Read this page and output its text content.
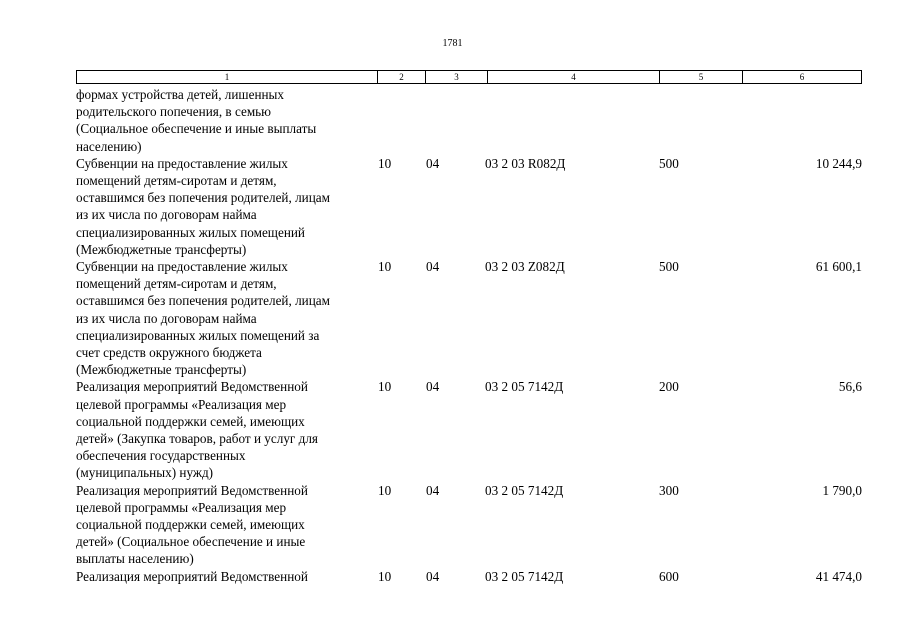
1781
1	2	3	4	5	6
формах устройства детей, лишенных
родительского попечения, в семью
(Социальное обеспечение и иные выплаты
населению)
Субвенции на предоставление жилых
помещений детям-сиротам и детям,
оставшимся без попечения родителей, лицам
из их числа по договорам найма
специализированных жилых помещений
(Межбюджетные трансферты)
10	04	03 2 03 R082Д	500	10 244,9
Субвенции на предоставление жилых
помещений детям-сиротам и детям,
оставшимся без попечения родителей, лицам
из их числа по договорам найма
специализированных жилых помещений за
счет средств окружного бюджета
(Межбюджетные трансферты)
10	04	03 2 03 Z082Д	500	61 600,1
Реализация мероприятий Ведомственной
целевой программы «Реализация мер
социальной поддержки семей, имеющих
детей» (Закупка товаров, работ и услуг для
обеспечения государственных
(муниципальных) нужд)
10	04	03 2 05 7142Д	200	56,6
Реализация мероприятий Ведомственной
целевой программы «Реализация мер
социальной поддержки семей, имеющих
детей» (Социальное обеспечение и иные
выплаты населению)
10	04	03 2 05 7142Д	300	1 790,0
Реализация мероприятий Ведомственной	10	04	03 2 05 7142Д	600	41 474,0
